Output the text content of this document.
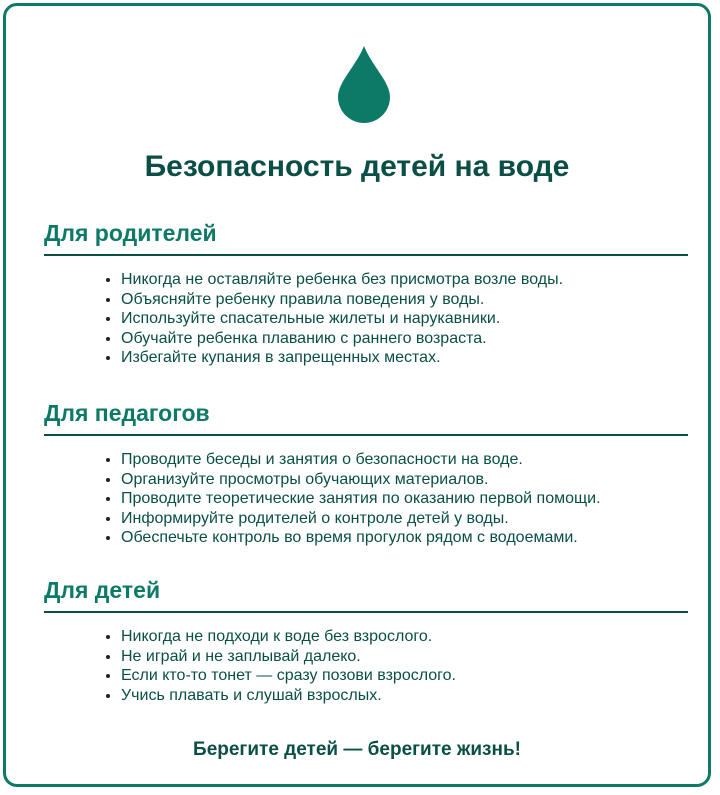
Безопасность детей на воде
Для родителей
• Никогда не оставляйте ребенка без присмотра возле воды.
• Объясняйте ребенку правила поведения у воды.
• Используйте спасательные жилеты и нарукавники.
• Обучайте ребенка плаванию с раннего возраста.
• Избегайте купания в запрещенных местах.
Для педагогов
• Проводите беседы и занятия о безопасности на воде.
• Организуйте просмотры обучающих материалов.
• Проводите теоретические занятия по оказанию первой помощи.
• Информируйте родителей о контроле детей у воды.
• Обеспечьте контроль во время прогулок рядом с водоемами.
Для детей
• Никогда не подходи к воде без взрослого.
• Не играй и не заплывай далеко.
• Если кто-то тонет — сразу позови взрослого.
• Учись плавать и слушай взрослых.
Берегите детей — берегите жизнь!
